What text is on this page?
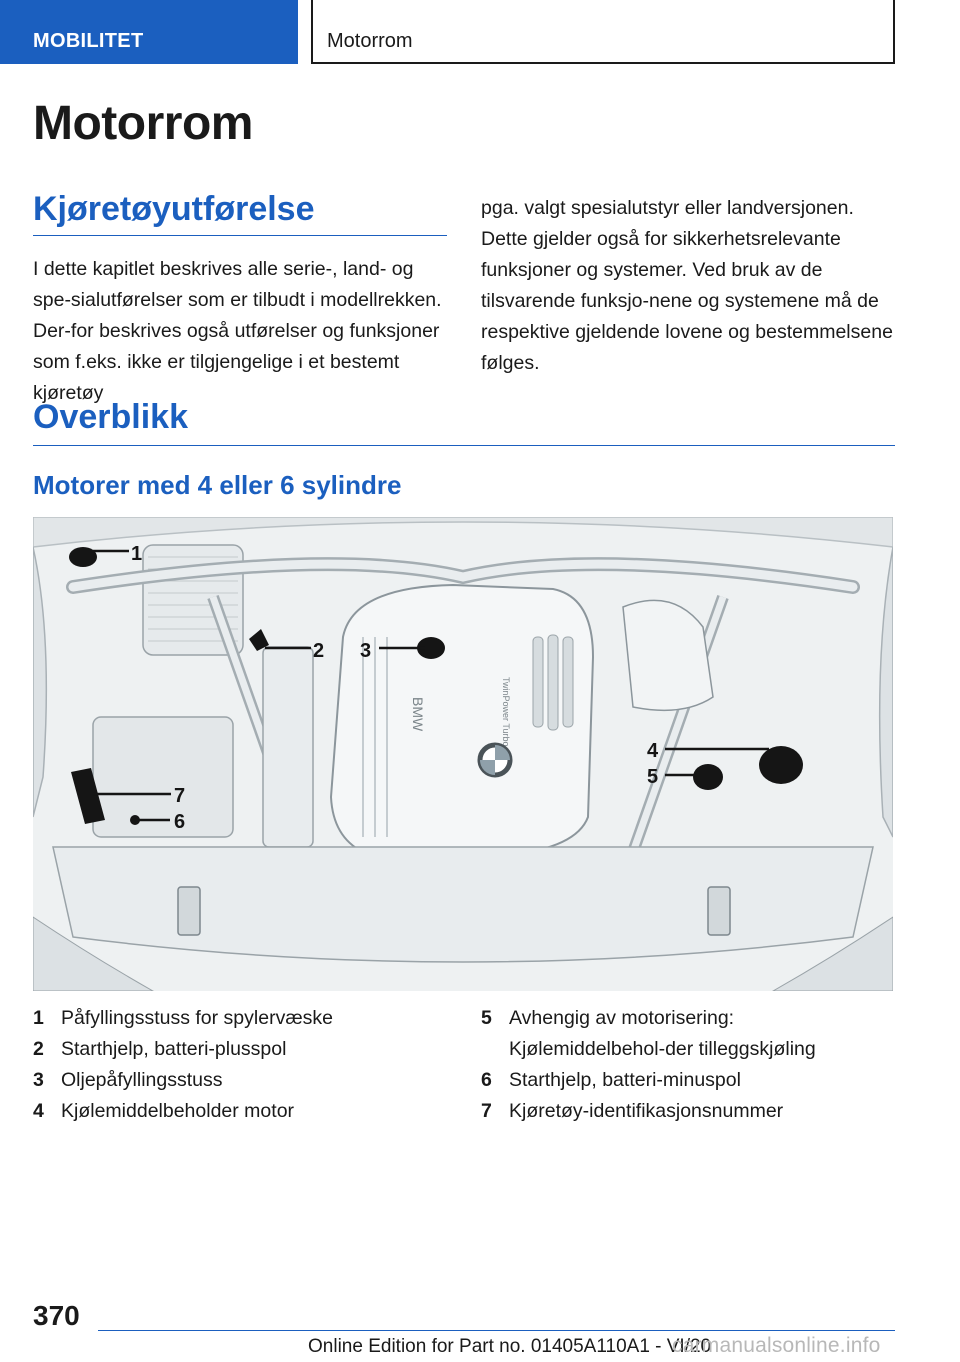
MOBILITET	Motorrom
Motorrom
Kjøretøyutførelse

I dette kapitlet beskrives alle serie-, land- og spe-sialutførelser som er tilbudt i modellrekken. Der-for beskrives også utførelser og funksjoner som f.eks. ikke er tilgjengelige i et bestemt kjøretøy

pga. valgt spesialutstyr eller landversjonen. Dette gjelder også for sikkerhetsrelevante funksjoner og systemer. Ved bruk av de tilsvarende funksjo-nene og systemene må de respektive gjeldende lovene og bestemmelsene følges.

Overblikk
Motorer med 4 eller 6 sylindre
BMW	TwinPower Turbo
1
2 3
4
5
6
7
1 Påfyllingsstuss for spylervæske
2 Starthjelp, batteri-plusspol
3 Oljepåfyllingsstuss
4 Kjølemiddelbeholder motor
5 Avhengig av motorisering: Kjølemiddelbehol-der tilleggskjøling
6 Starthjelp, batteri-minuspol
7 Kjøretøy-identifikasjonsnummer
370
Online Edition for Part no. 01405A110A1 - VI/20
carmanualsonline.info
